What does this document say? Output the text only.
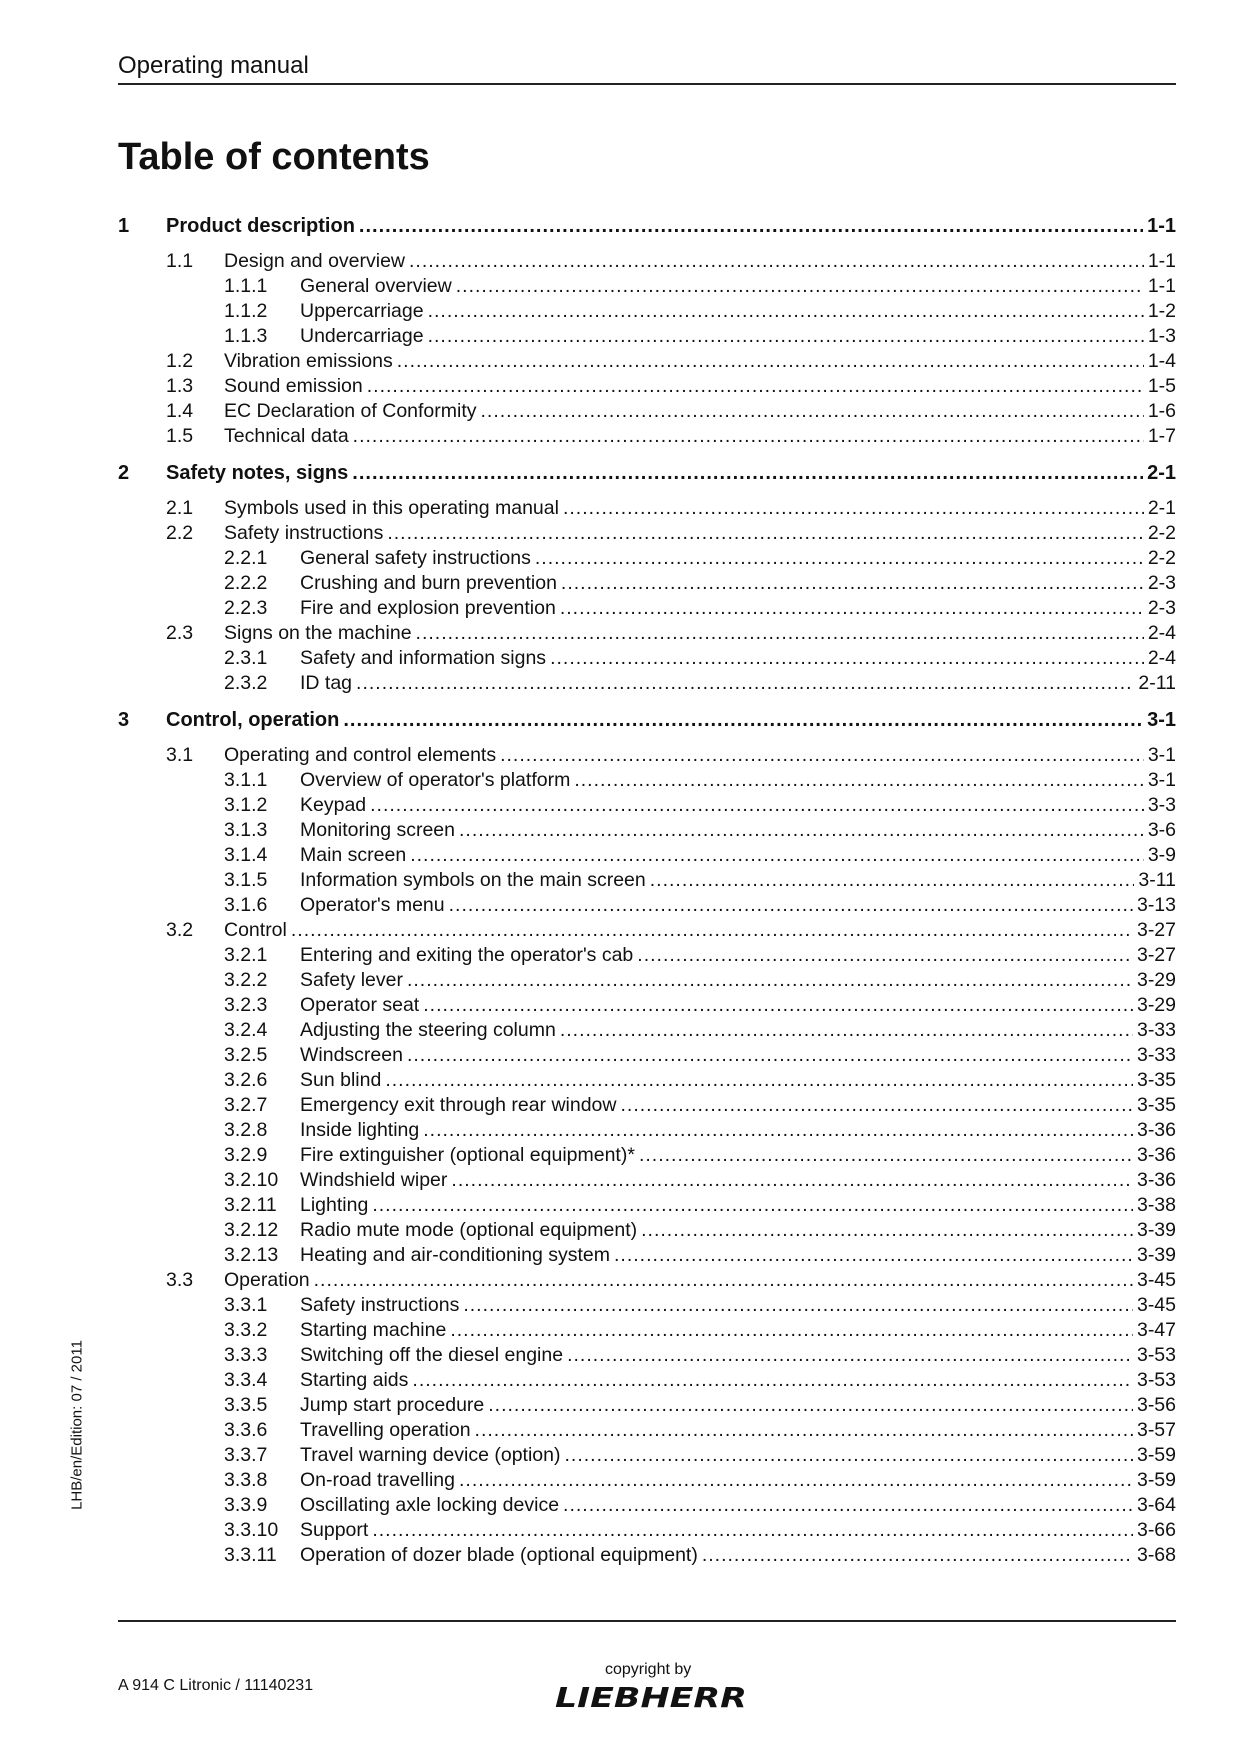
Operating manual
Table of contents
1	Product description .....	1-1
1.1	Design and overview .....	1-1
1.1.1	General overview .....	1-1
1.1.2	Uppercarriage .....	1-2
1.1.3	Undercarriage .....	1-3
1.2	Vibration emissions .....	1-4
1.3	Sound emission .....	1-5
1.4	EC Declaration of Conformity .....	1-6
1.5	Technical data .....	1-7
2	Safety notes, signs .....	2-1
2.1	Symbols used in this operating manual .....	2-1
2.2	Safety instructions .....	2-2
2.2.1	General safety instructions .....	2-2
2.2.2	Crushing and burn prevention .....	2-3
2.2.3	Fire and explosion prevention .....	2-3
2.3	Signs on the machine .....	2-4
2.3.1	Safety and information signs .....	2-4
2.3.2	ID tag .....	2-11
3	Control, operation .....	3-1
3.1	Operating and control elements .....	3-1
3.1.1	Overview of operator's platform .....	3-1
3.1.2	Keypad .....	3-3
3.1.3	Monitoring screen .....	3-6
3.1.4	Main screen .....	3-9
3.1.5	Information symbols on the main screen .....	3-11
3.1.6	Operator's menu .....	3-13
3.2	Control .....	3-27
3.2.1	Entering and exiting the operator's cab .....	3-27
3.2.2	Safety lever .....	3-29
3.2.3	Operator seat .....	3-29
3.2.4	Adjusting the steering column .....	3-33
3.2.5	Windscreen .....	3-33
3.2.6	Sun blind .....	3-35
3.2.7	Emergency exit through rear window .....	3-35
3.2.8	Inside lighting .....	3-36
3.2.9	Fire extinguisher (optional equipment)* .....	3-36
3.2.10	Windshield wiper .....	3-36
3.2.11	Lighting .....	3-38
3.2.12	Radio mute mode (optional equipment) .....	3-39
3.2.13	Heating and air-conditioning system .....	3-39
3.3	Operation .....	3-45
3.3.1	Safety instructions .....	3-45
3.3.2	Starting machine .....	3-47
3.3.3	Switching off the diesel engine .....	3-53
3.3.4	Starting aids .....	3-53
3.3.5	Jump start procedure .....	3-56
3.3.6	Travelling operation .....	3-57
3.3.7	Travel warning device (option) .....	3-59
3.3.8	On-road travelling .....	3-59
3.3.9	Oscillating axle locking device .....	3-64
3.3.10	Support .....	3-66
3.3.11	Operation of dozer blade (optional equipment) .....	3-68
LHB/en/Edition: 07 / 2011
A 914 C Litronic / 11140231
copyright by
LIEBHERR
